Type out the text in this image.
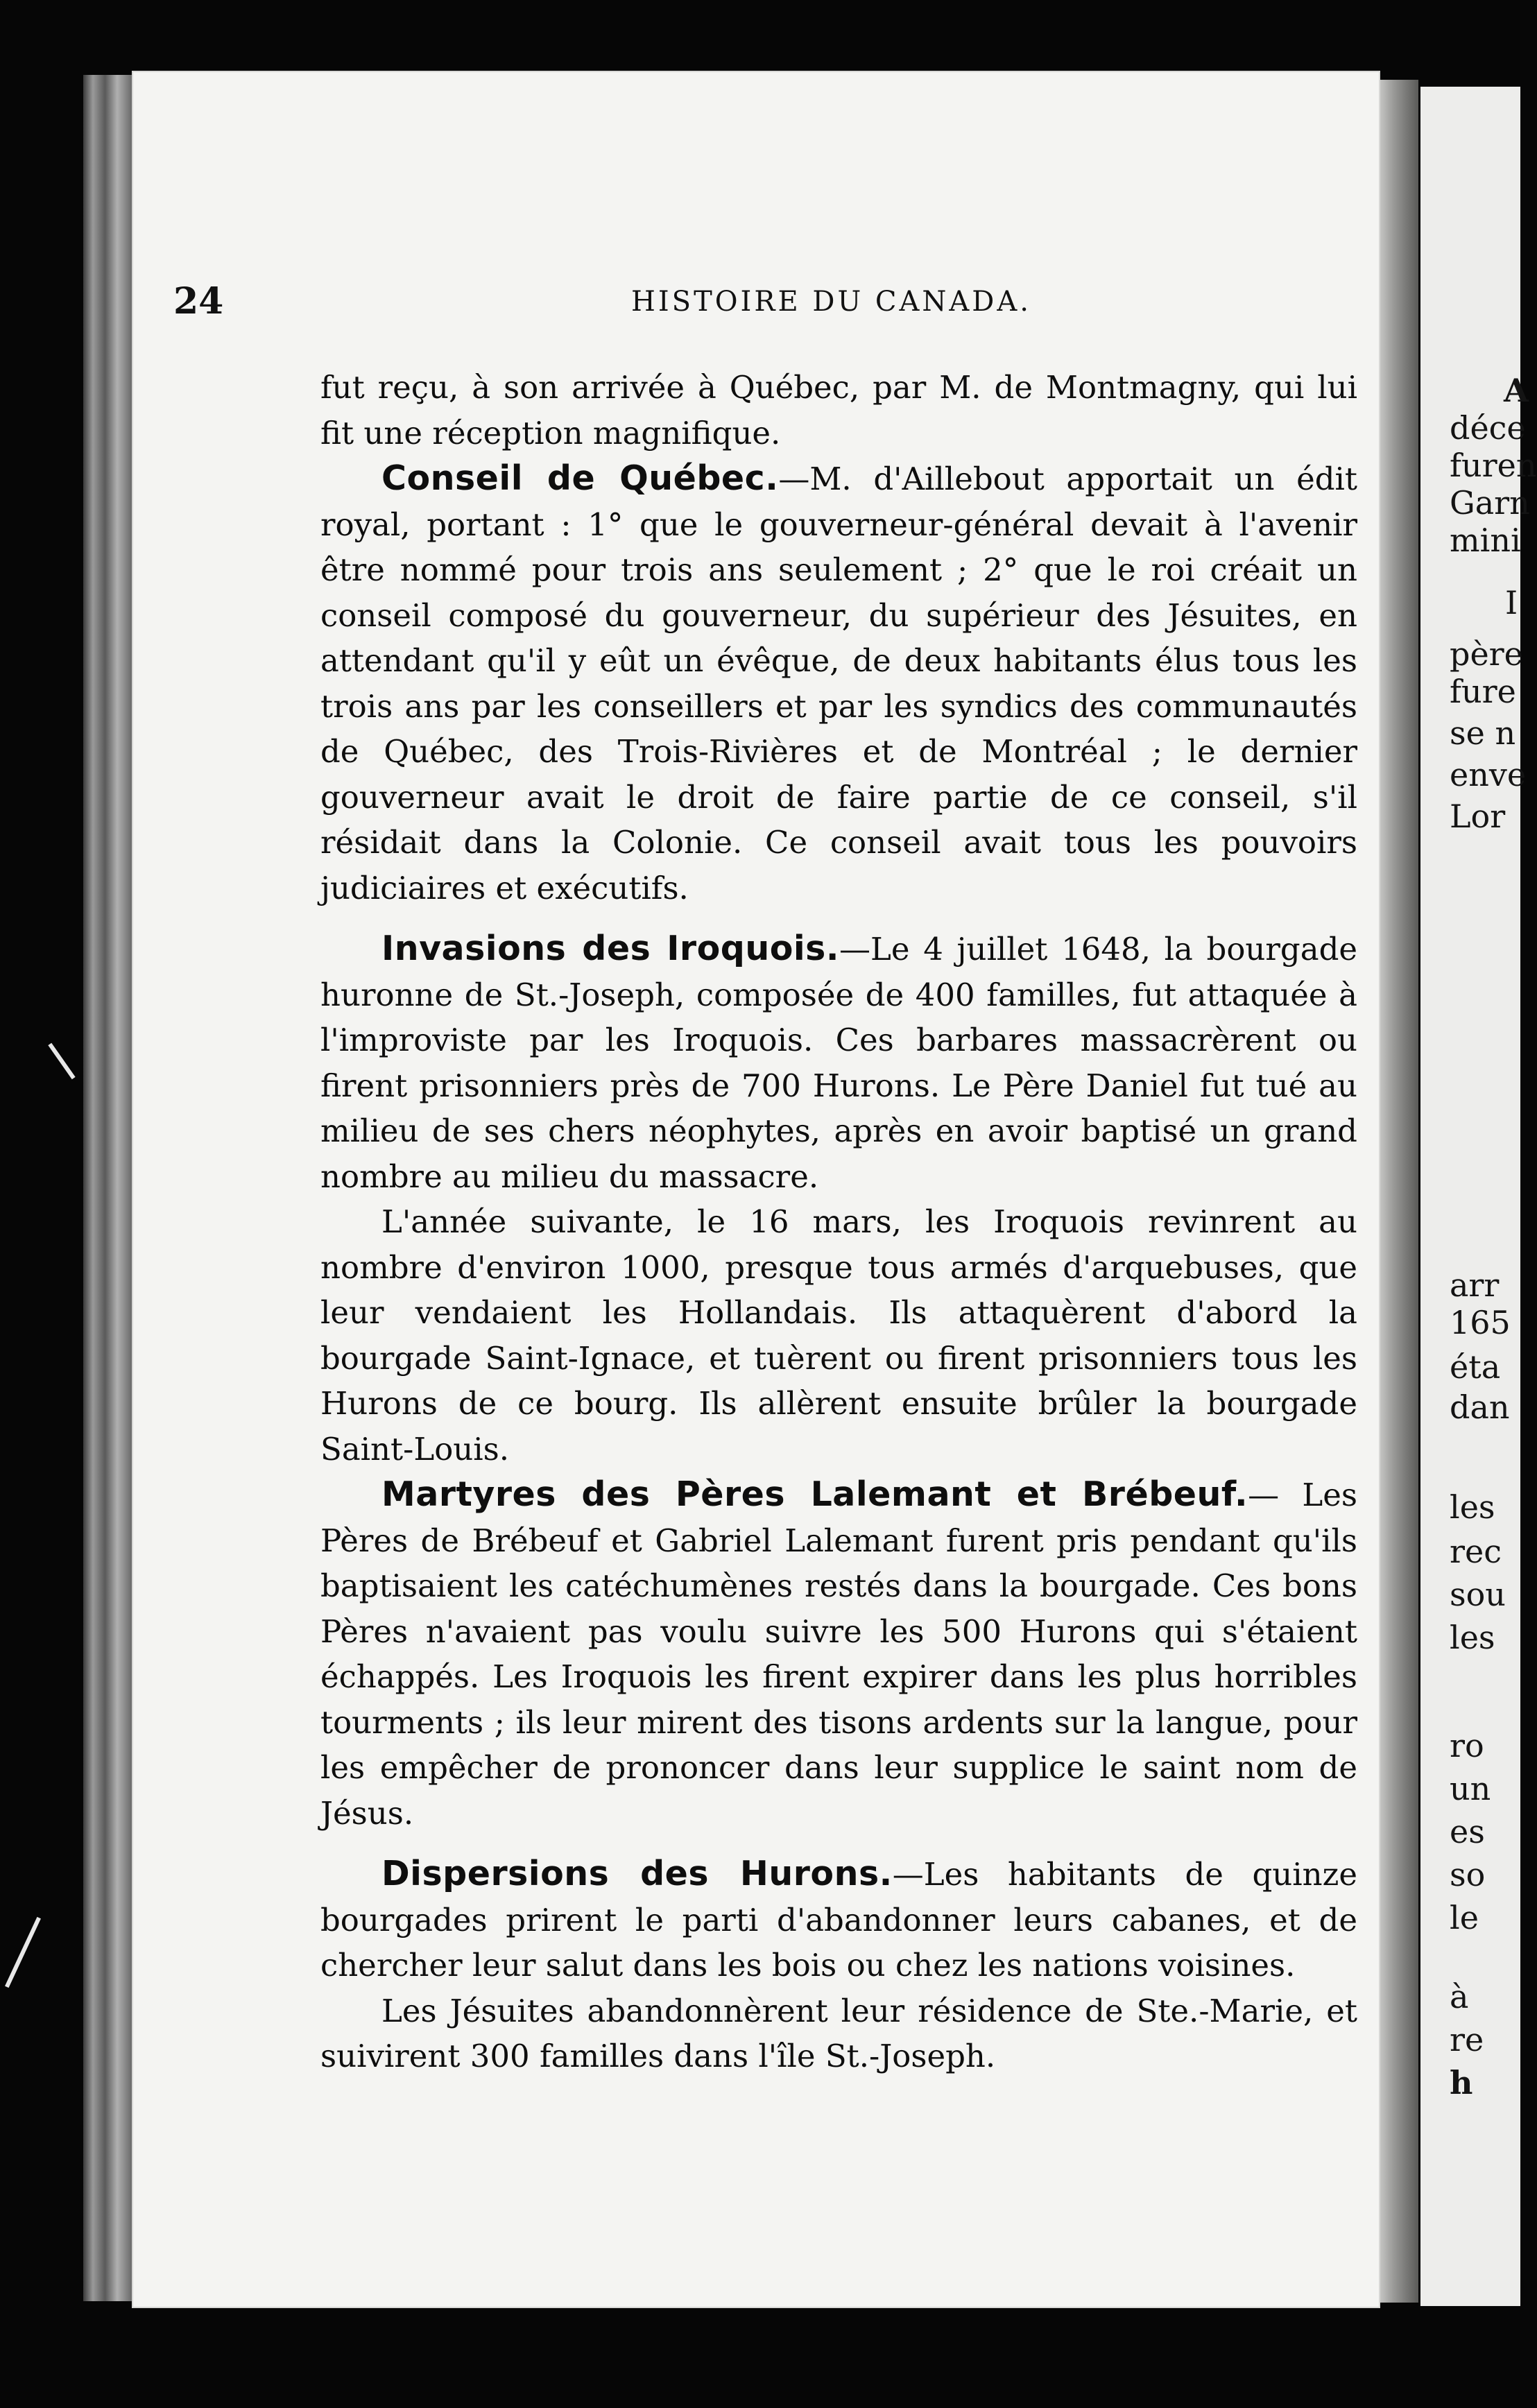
A
déce
furen
Garn
mini
I
père
fure
se n
enve
Lor
arr
165
éta
dan
les
rec
sou
les
ro
un
es
so
le
à
re
h
24	HISTOIRE DU CANADA.

fut reçu, à son arrivée à Québec, par M. de Montmagny, qui lui fit une réception magnifique.

Conseil de Québec.—M. d'Aillebout apportait un édit royal, portant : 1° que le gouverneur-général devait à l'avenir être nommé pour trois ans seulement ; 2° que le roi créait un conseil composé du gouverneur, du supérieur des Jésuites, en attendant qu'il y eût un évêque, de deux habitants élus tous les trois ans par les conseillers et par les syndics des communautés de Québec, des Trois-Rivières et de Montréal ; le dernier gouverneur avait le droit de faire partie de ce conseil, s'il résidait dans la Colonie. Ce conseil avait tous les pouvoirs judiciaires et exécutifs.

Invasions des Iroquois.—Le 4 juillet 1648, la bourgade huronne de St.-Joseph, composée de 400 familles, fut attaquée à l'improviste par les Iroquois. Ces barbares massacrèrent ou firent prisonniers près de 700 Hurons. Le Père Daniel fut tué au milieu de ses chers néophytes, après en avoir baptisé un grand nombre au milieu du massacre.

L'année suivante, le 16 mars, les Iroquois revinrent au nombre d'environ 1000, presque tous armés d'arquebuses, que leur vendaient les Hollandais. Ils attaquèrent d'abord la bourgade Saint-Ignace, et tuèrent ou firent prisonniers tous les Hurons de ce bourg. Ils allèrent ensuite brûler la bourgade Saint-Louis.

Martyres des Pères Lalemant et Brébeuf.— Les Pères de Brébeuf et Gabriel Lalemant furent pris pendant qu'ils baptisaient les catéchumènes restés dans la bourgade. Ces bons Pères n'avaient pas voulu suivre les 500 Hurons qui s'étaient échappés. Les Iroquois les firent expirer dans les plus horribles tourments ; ils leur mirent des tisons ardents sur la langue, pour les empêcher de prononcer dans leur supplice le saint nom de Jésus.

Dispersions des Hurons.—Les habitants de quinze bourgades prirent le parti d'abandonner leurs cabanes, et de chercher leur salut dans les bois ou chez les nations voisines.

Les Jésuites abandonnèrent leur résidence de Ste.-Marie, et suivirent 300 familles dans l'île St.-Joseph.
